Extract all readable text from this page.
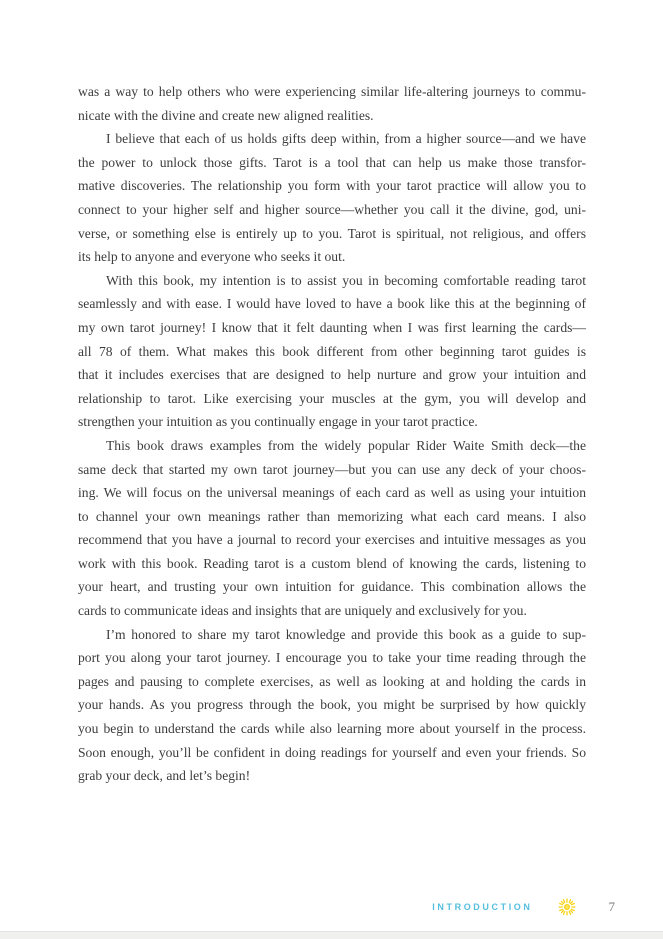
was a way to help others who were experiencing similar life-altering journeys to commu-
nicate with the divine and create new aligned realities.
I believe that each of us holds gifts deep within, from a higher source—and we have
the power to unlock those gifts. Tarot is a tool that can help us make those transfor-
mative discoveries. The relationship you form with your tarot practice will allow you to
connect to your higher self and higher source—whether you call it the divine, god, uni-
verse, or something else is entirely up to you. Tarot is spiritual, not religious, and offers
its help to anyone and everyone who seeks it out.
With this book, my intention is to assist you in becoming comfortable reading tarot
seamlessly and with ease. I would have loved to have a book like this at the beginning of
my own tarot journey! I know that it felt daunting when I was first learning the cards—
all 78 of them. What makes this book different from other beginning tarot guides is
that it includes exercises that are designed to help nurture and grow your intuition and
relationship to tarot. Like exercising your muscles at the gym, you will develop and
strengthen your intuition as you continually engage in your tarot practice.
This book draws examples from the widely popular Rider Waite Smith deck—the
same deck that started my own tarot journey—but you can use any deck of your choos-
ing. We will focus on the universal meanings of each card as well as using your intuition
to channel your own meanings rather than memorizing what each card means. I also
recommend that you have a journal to record your exercises and intuitive messages as you
work with this book. Reading tarot is a custom blend of knowing the cards, listening to
your heart, and trusting your own intuition for guidance. This combination allows the
cards to communicate ideas and insights that are uniquely and exclusively for you.
I’m honored to share my tarot knowledge and provide this book as a guide to sup-
port you along your tarot journey. I encourage you to take your time reading through the
pages and pausing to complete exercises, as well as looking at and holding the cards in
your hands. As you progress through the book, you might be surprised by how quickly
you begin to understand the cards while also learning more about yourself in the process.
Soon enough, you’ll be confident in doing readings for yourself and even your friends. So
grab your deck, and let’s begin!
INTRODUCTION	7
